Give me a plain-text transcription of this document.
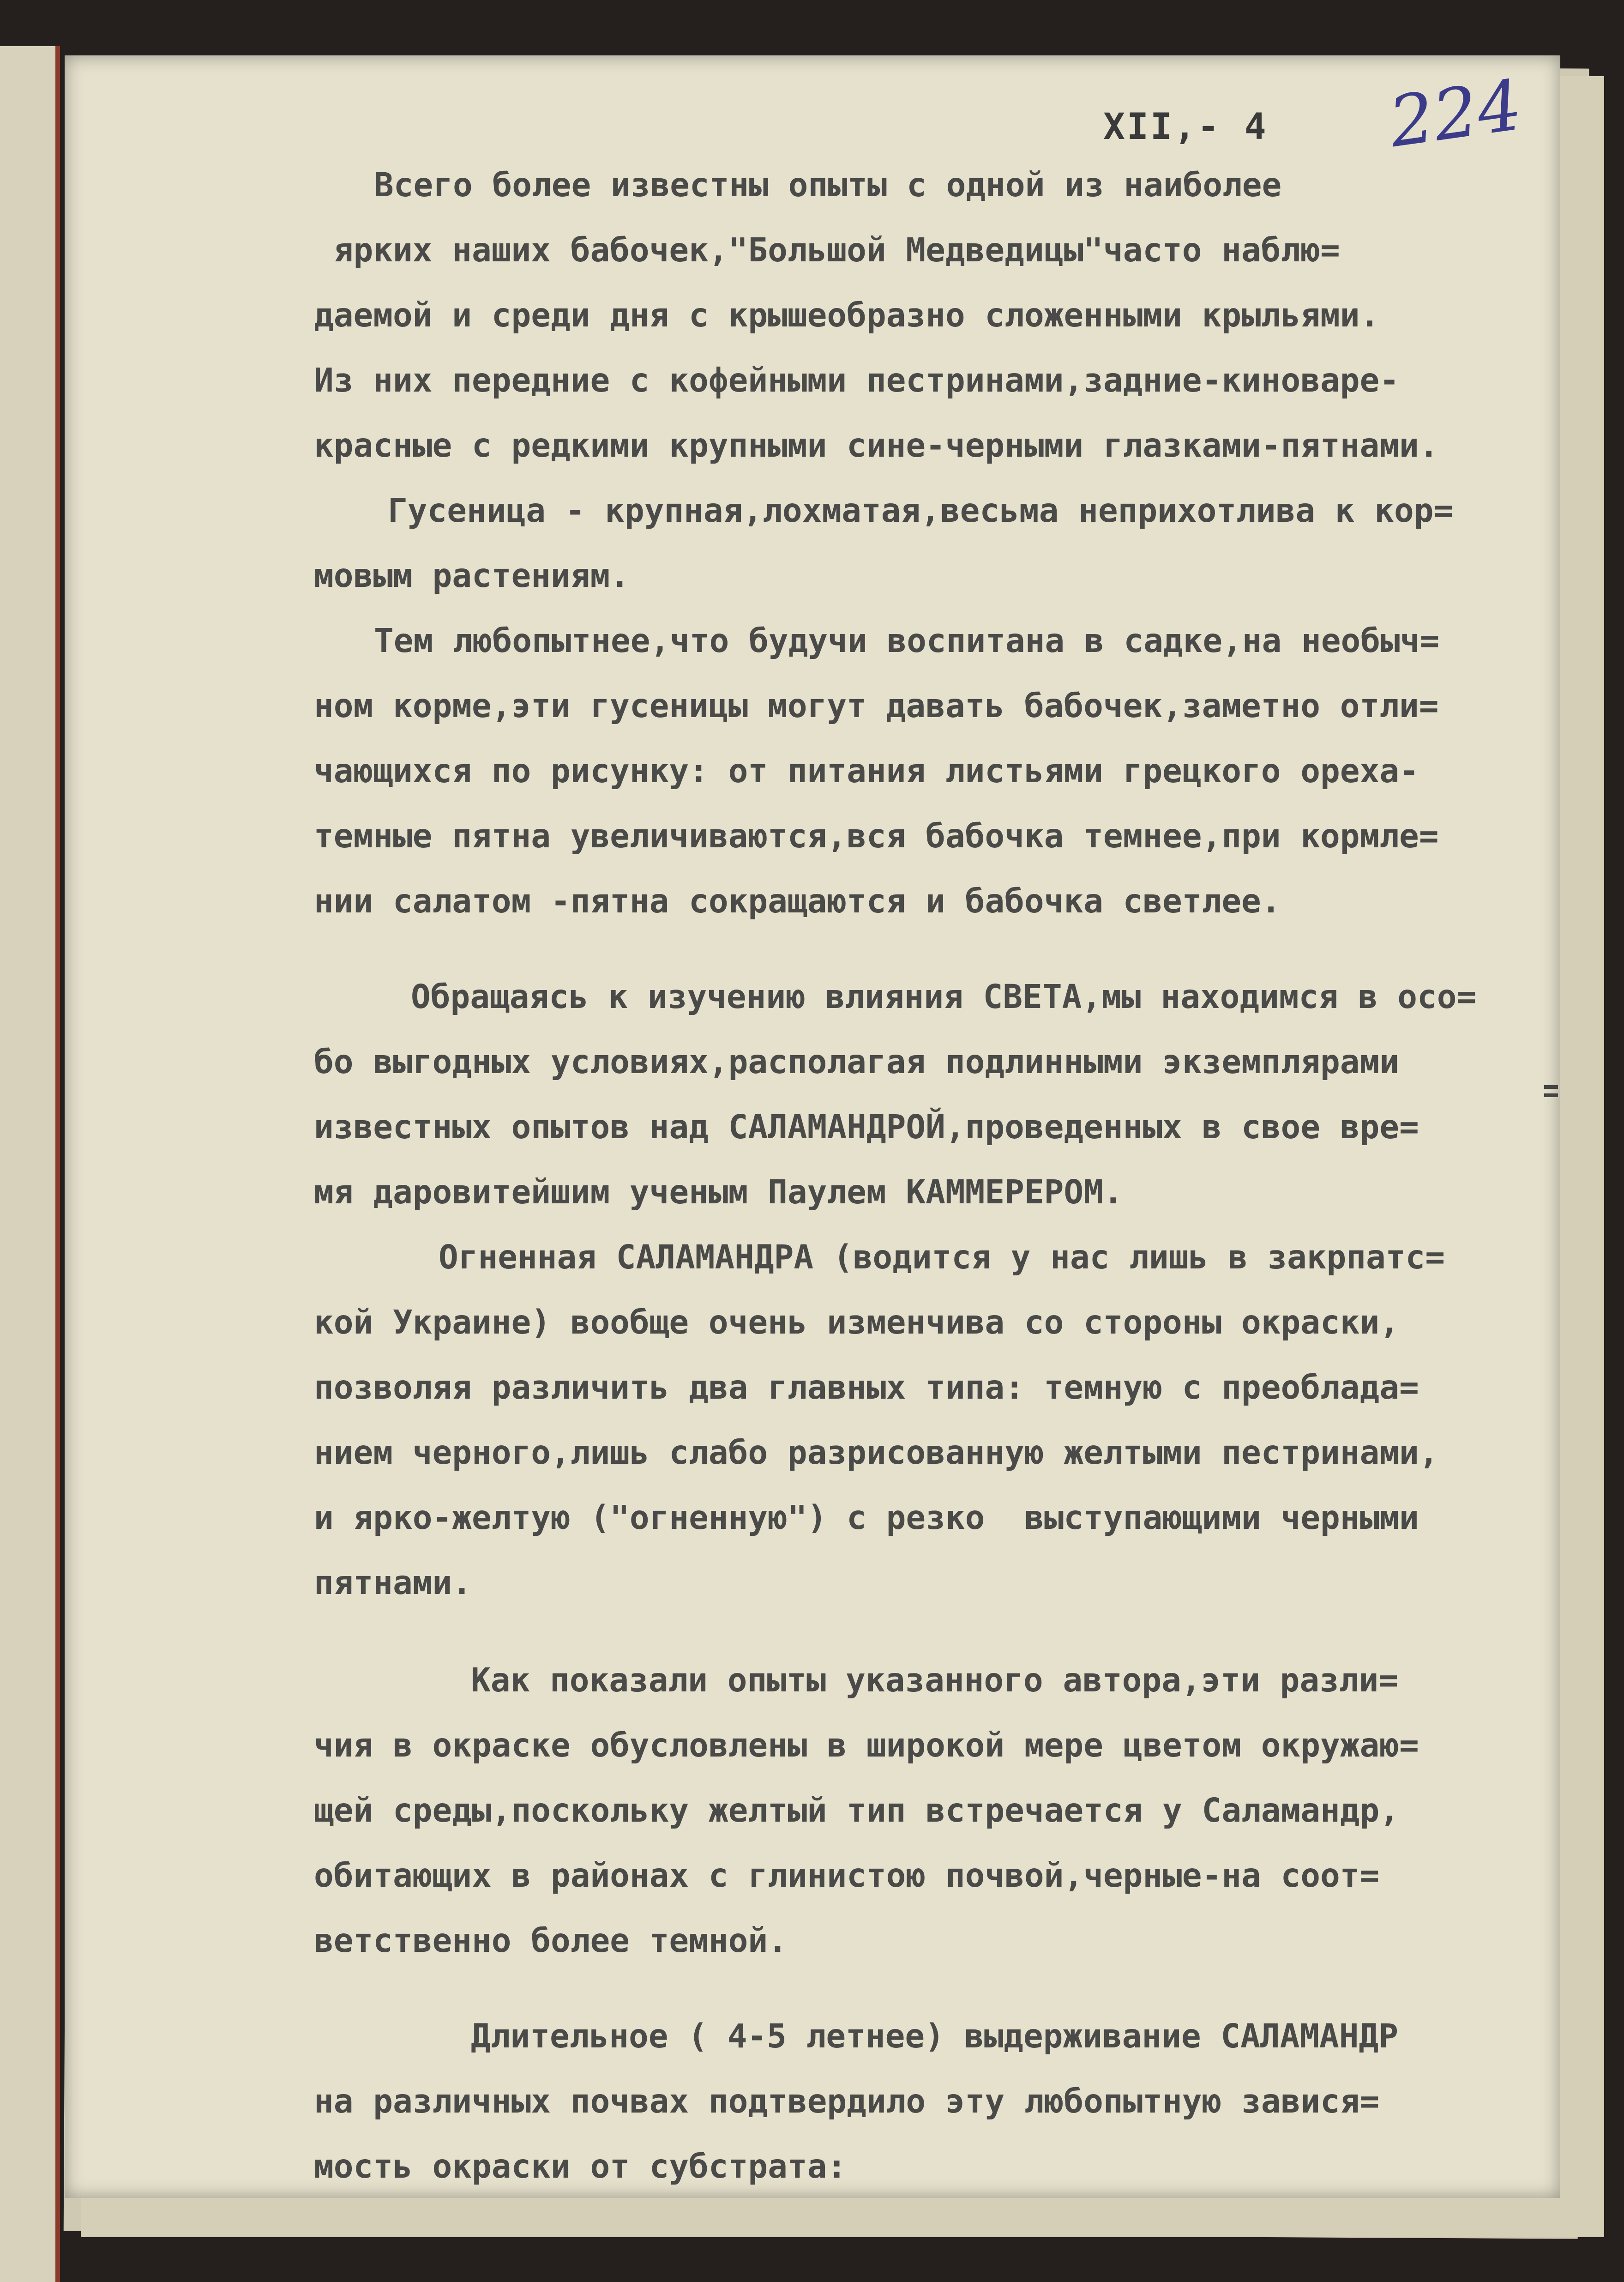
XII,- 4 224
Всего более известны опыты с одной из наиболее
ярких наших бабочек,"Большой Медведицы"часто наблю=
даемой и среди дня с крышеобразно сложенными крыльями.
Из них передние с кофейными пестринами,задние-киноваре-
красные с редкими крупными сине-черными глазками-пятнами.
Гусеница - крупная,лохматая,весьма неприхотлива к кор=
мовым растениям.
Тем любопытнее,что будучи воспитана в садке,на необыч=
ном корме,эти гусеницы могут давать бабочек,заметно отли=
чающихся по рисунку: от питания листьями грецкого ореха-
темные пятна увеличиваются,вся бабочка темнее,при кормле=
нии салатом -пятна сокращаются и бабочка светлее.
Обращаясь к изучению влияния СВЕТА,мы находимся в осо=
бо выгодных условиях,располагая подлинными экземплярами
известных опытов над САЛАМАНДРОЙ,проведенных в свое вре=
мя даровитейшим ученым Паулем КАММЕРЕРОМ.
Огненная САЛАМАНДРА (водится у нас лишь в закрпатс=
кой Украине) вообще очень изменчива со стороны окраски,
позволяя различить два главных типа: темную с преоблада=
нием черного,лишь слабо разрисованную желтыми пестринами,
и ярко-желтую ("огненную") с резко  выступающими черными
пятнами.
Как показали опыты указанного автора,эти разли=
чия в окраске обусловлены в широкой мере цветом окружаю=
щей среды,поскольку желтый тип встречается у Саламандр,
обитающих в районах с глинистою почвой,черные-на соот=
ветственно более темной.
Длительное ( 4-5 летнее) выдерживание САЛАМАНДР
на различных почвах подтвердило эту любопытную завися=
мость окраски от субстрата:
